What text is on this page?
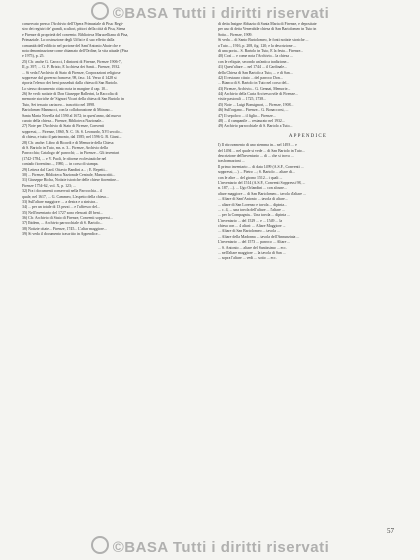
©BASA Tutti i diritti riservati

conservato presso l'Archivio dell'Opera Primaziale di Pisa: Regi-

stro dei registri de' grandi, scultori, pittori della città di Pisa, Siena

e Firenze di proprietà del convento. Biblioteca Marucelliana di Pisa,

Primaziale. La costruzione degli Uffizi e il suo effetto dalla

comunità dell'edificio nel portone del Sant'Antonio Abate che e

nota denominazione come chiamato dell'Ordine, la vita attuale (Pisa

e 1975), p. 25.

25) Cfr. anche G. Carocci, I dintorni di Firenze, Firenze 1906-7,

II, p. 397; ... G. F. Brizio, E la chiesa dei Santi... Firenze, 1932.

... Si veda l'Archivio di Stato di Firenze, Corporazioni religiose

soppresse dal governo francese, 98, fasc. 14. Verso il 1428 si

riporta l'elenco dei beni posseduti dalla chiesa di San Bartolo.

Lo stesso documento citato nota in margine il cap. 10...

26) Se vedi: notizie di Don Giuseppe Ballerini, la Raccolta di

memorie storiche de' Signori Vicari della chiesa di San Bartolo in

Tuto, Sei tessuto cartaceo... trascritto nel 1898.

Bartolomeo Mannucci, con la collaborazione di Mitrano...

Santa Maria Novella dal 1590 al 1672; in quest'anno, dal nuovo

curato della chiesa... Firenze, Biblioteca Nazionale...

27) Note per l'Archivio di Stato di Firenze, Conventi

soppressi, ... Firenze, 1860, N. C. 16. S. Leonardo, XVI secolo...

di chiesa, e tutto il patrimonio, dal 1585; nel 1596 G. B. Giani...

28) Cfr. anche: Libro di Ricordi e di Memorie della Chiesa

di S. Bartolo in Tuto, ms. n. 3... Firenze, Archivio della

Parrocchia; Catalogo de' parrochi; ... in Firenze... Gli inventari

(1742-1784, ... e V. Paoli, le riforme ecclesiastiche nel

contado fiorentino..., 1980, ... in corso di stampa.

29) Lettera dal Card. Ottavio Bandini a... ; E. Repetti...

30) ... Firenze, Biblioteca Nazionale Centrale, Manoscritti...

31) Giuseppe Richa, Notizie istoriche delle chiese fiorentine...

Firenze 1754-62, vol. X, p. 123; ...

32) Fra i documenti conservati nella Parrocchia... il

quale, nel 1617, ... G. Cammeo, L'aspetto della chiesa...

33) Sull'altare maggiore: ... a destra e a sinistra...

34) ... per un totale di 13 pezzi ... e l'affresco del...

35) Nell'inventario del 1727 sono elencati 40 beni...

36) Cfr. Archivio di Stato di Firenze, Conventi soppressi...

37) Ibidem, ... Archivio parrocchiale di S. Bartolo...

38) Notizie citate... Firenze, 1745... L'altar maggiore...

39) Si veda il documento trascritto in Appendice...

di detta Insigne Abbazia di Santa Maria di Firenze, e depositate

per uso di detta Venerabile chiesa di San Bartolomeo in Tuto in

Sotto... Firenze, 1909.

Si veda ... di Santo Bartolomeo, le fonti notizie storiche ...

a Tuto..., 1916, p. 208, fig. 120; e la descrizione ...

di una porta... S. Bartolo in Tuto, E la festa... Firenze...

40) Così ... e come nota l'Archivio... la chiesa ...

con le reliquie, secondo un'antica tradizione...

41) Quest'altare ... nel 1744 ... il Cardinale...

della Chiesa di San Bartolo a Tuto, ... e di San...

42) Il restauro citato ... del parroco Don...

... Bianca di S. Bartolo in Tuto nel corso del...

43) Firenze, Archivio... G. Gennai, Memorie...

44) Archivio della Curia Arcivescovile di Firenze...

visite pastorali ... 1725, 1738...

45) Note ... Luigi Bonsignori, ... Firenze, 1908...

46) Sull'organo... Firenze... G. Bonaccorsi, ...

47) Il sepolcro ... il figlio... Firenze...

48) ... il campanile ... restaurato nel 1932...

49) Archivio parrocchiale di S. Bartolo a Tuto...

APPENDICE

I) Il ritrovamento di uno stemma in... nel 1493 ... e

del 1494 ... nel quale si vede ... di San Bartolo in Tuto...

descrizione dell'inventario ... di ... che si trova ...

trasformazioni ...

Il primo inventario ... di data 1499 (A.S.F., Conventi ...

soppressi, ...) ... Pietro ...; S. Bartolo ... altare di...

con le altre ... del giorno 1512... i quali ...

L'inventario del 1514 (A.S.F., Conventi Soppressi 98, ...

n. 187, ...). ... Ugo Orlandini ... con alcune...

altare maggiore ... di San Bartolomeo... tavola d'altare ...

... Altare di Sant'Antonio ... tavola di altare...

... altare di San Lorenzo e tavola ... dipinta...

... c. 4, ... una tavola dell'altare ... l'altare ...

... per la Compagnia... Una tavola ... dipinta ...

L'inventario ... del 1529 ... e ... 1549 ... la

chiesa con ... 4 altari: ... Altare Maggiore ...

... Altare di San Bartolomeo ... tavola ...

... Altare della Madonna ... tavola dell'Annunziata ...

L'inventario ... del 1573 ... parroco ... Altare ...

... S. Antonio ... altare del Santissimo ... ecc.

... nell'altare maggiore ... la tavola di San ...

... sopra l'altare ... vedi ... sotto ... ecc.

57
©BASA Tutti i diritti riservati
